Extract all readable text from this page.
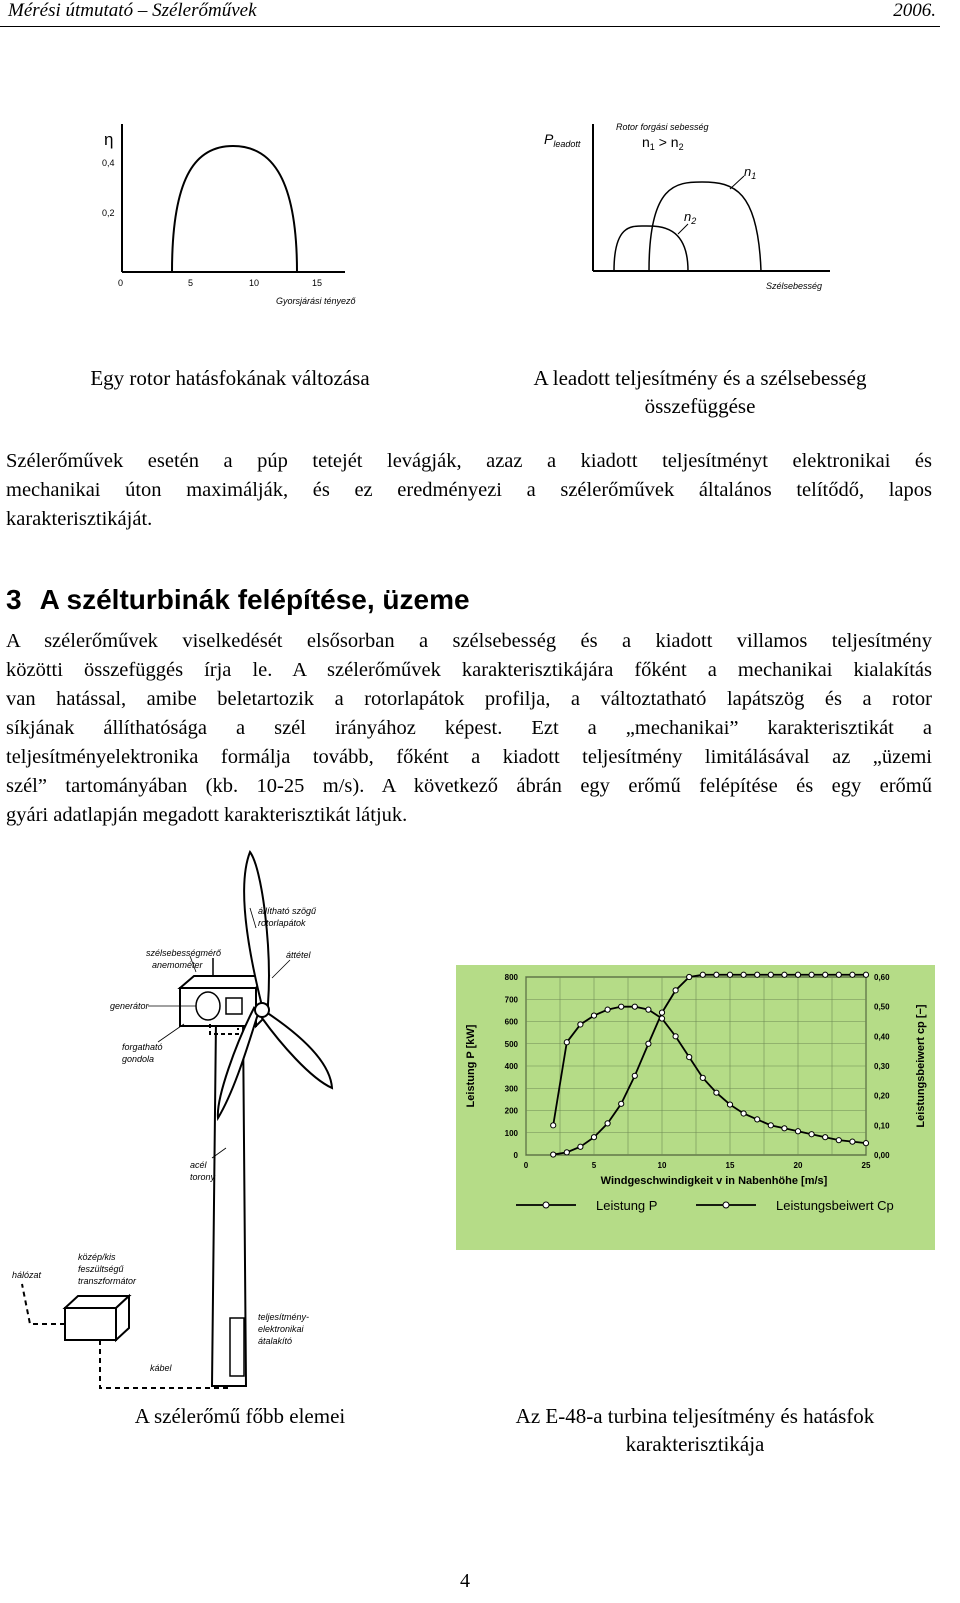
Mérési útmutató – Szélerőművek	2006.
η
0,4
0,2
0	5	10	15
Gyorsjárási tényező
$P_{leadott}$
Rotor forgási sebesség
$n_1 > n_2$
$n_1$
$n_2$
Szélsebesség
Egy rotor hatásfokának változása	A leadott teljesítmény és a szélsebesség
összefüggése
Szélerőművek esetén a púp tetejét levágják, azaz a kiadott teljesítményt elektronikai és
mechanikai úton maximálják, és ez eredményezi a szélerőművek általános telítődő, lapos
karakterisztikáját.
3 A szélturbinák felépítése, üzeme
A szélerőművek viselkedését elsősorban a szélsebesség és a kiadott villamos teljesítmény
közötti összefüggés írja le. A szélerőművek karakterisztikájára főként a mechanikai kialakítás
van hatással, amibe beletartozik a rotorlapátok profilja, a változtatható lapátszög és a rotor
síkjának állíthatósága a szél irányához képest. Ezt a „mechanikai” karakterisztikát a
teljesítményelektronika formálja tovább, főként a kiadott teljesítmény limitálásával az „üzemi
szél” tartományában (kb. 10-25 m/s). A következő ábrán egy erőmű felépítése és egy erőmű
gyári adatlapján megadott karakterisztikát látjuk.
állítható szögű rotorlapátok
szélsebességmérő anemométer
áttétel
generátor
forgatható gondola
acél torony
közép/kis feszültségű transzformátor
hálózat
teljesítmény-elektronikai átalakító
kábel
0
100
200
300
400
500
600
700
800
0,00
0,10
0,20
0,30
0,40
0,50
0,60
0	5	10	15	20	25
Windgeschwindigkeit v in Nabenhöhe [m/s]
Leistung P [kW]	Leistungsbeiwert cp [−]
Leistung P	Leistungsbeiwert Cp
A szélerőmű főbb elemei	Az E-48-a turbina teljesítmény és hatásfok
karakterisztikája
4
